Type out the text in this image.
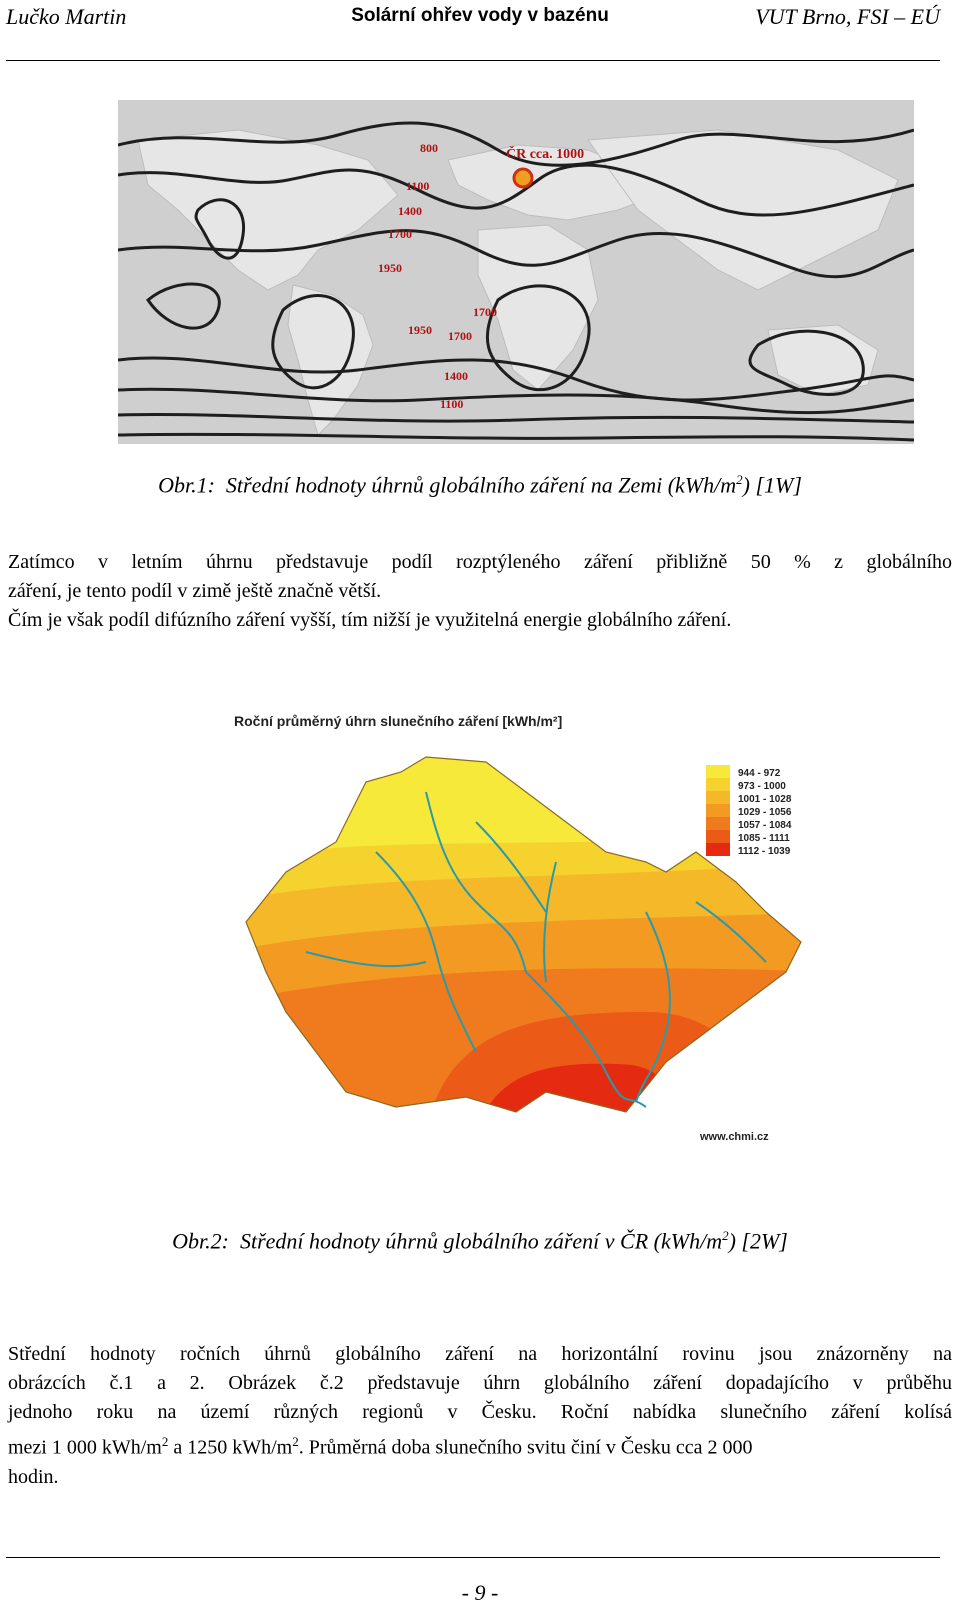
Lučko Martin	Solární ohřev vody v bazénu	VUT Brno, FSI – EÚ
800
1100
1400
1700
1950
ČR cca. 1000
1700
1950 1700
1400
1100
Obr.1: Střední hodnoty úhrnů globálního záření na Zemi $(kWh/m^2)$ [1W]
Zatímco v letním úhrnu představuje podíl rozptýleného záření přibližně 50 % z globálního
záření, je tento podíl v zimě ještě značně větší.
Čím je však podíl difúzního záření vyšší, tím nižší je využitelná energie globálního záření.
Roční průměrný úhrn slunečního záření [kWh/m²]
944 - 972
973 - 1000
1001 - 1028
1029 - 1056
1057 - 1084
1085 - 1111
1112 - 1039
www.chmi.cz
Obr.2: Střední hodnoty úhrnů globálního záření v ČR $(kWh/m^2)$ [2W]
Střední hodnoty ročních úhrnů globálního záření na horizontální rovinu jsou znázorněny na
obrázcích č.1 a 2. Obrázek č.2 představuje úhrn globálního záření dopadajícího v průběhu
jednoho roku na území různých regionů v Česku. Roční nabídka slunečního záření kolísá
mezi 1 000 kWh/$m^2$ a 1250 kWh/$m^2$. Průměrná doba slunečního svitu činí v Česku cca 2 000
hodin.
- 9 -
